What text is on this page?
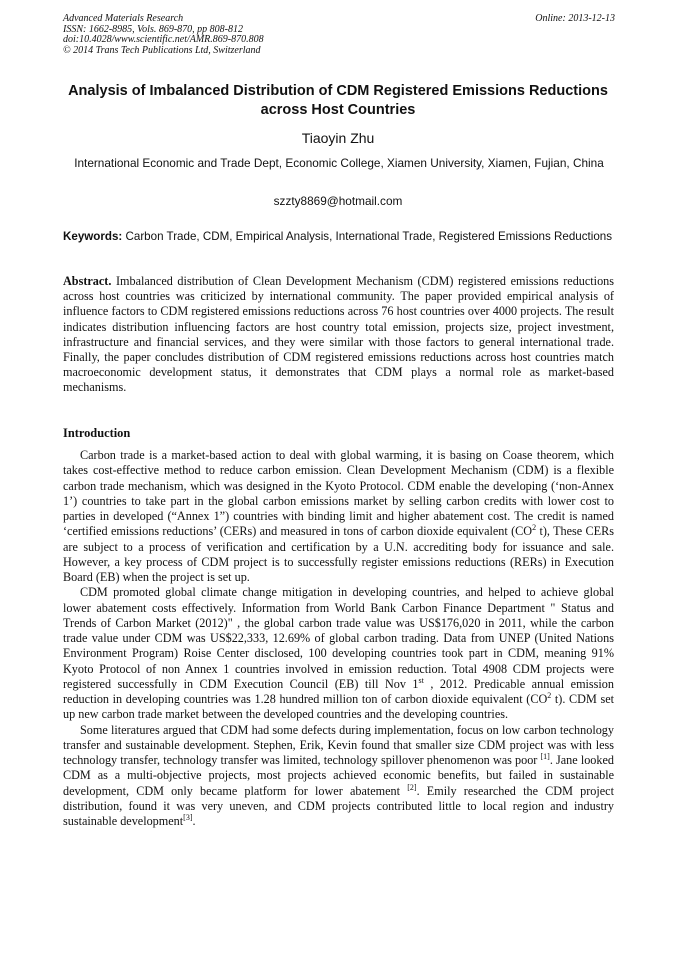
Advanced Materials Research
ISSN: 1662-8985, Vols. 869-870, pp 808-812
doi:10.4028/www.scientific.net/AMR.869-870.808
© 2014 Trans Tech Publications Ltd, Switzerland
Online: 2013-12-13
Analysis of Imbalanced Distribution of CDM Registered Emissions Reductions across Host Countries
Tiaoyin Zhu
International Economic and Trade Dept, Economic College, Xiamen University, Xiamen, Fujian, China
szzty8869@hotmail.com
Keywords: Carbon Trade, CDM, Empirical Analysis, International Trade, Registered Emissions Reductions
Abstract. Imbalanced distribution of Clean Development Mechanism (CDM) registered emissions reductions across host countries was criticized by international community. The paper provided empirical analysis of influence factors to CDM registered emissions reductions across 76 host countries over 4000 projects. The result indicates distribution influencing factors are host country total emission, projects size, project investment, infrastructure and financial services, and they were similar with those factors to general international trade. Finally, the paper concludes distribution of CDM registered emissions reductions across host countries match macroeconomic development status, it demonstrates that CDM plays a normal role as market-based mechanisms.
Introduction

Carbon trade is a market-based action to deal with global warming, it is basing on Coase theorem, which takes cost-effective method to reduce carbon emission. Clean Development Mechanism (CDM) is a flexible carbon trade mechanism, which was designed in the Kyoto Protocol. CDM enable the developing (‘non-Annex 1’) countries to take part in the global carbon emissions market by selling carbon credits with lower cost to parties in developed (“Annex 1”) countries with binding limit and higher abatement cost. The credit is named ‘certified emissions reductions’ (CERs) and measured in tons of carbon dioxide equivalent ($CO^2$ t), These CERs are subject to a process of verification and certification by a U.N. accrediting body for issuance and sale. However, a key process of CDM project is to successfully register emissions reductions (RERs) in Execution Board (EB) when the project is set up.

CDM promoted global climate change mitigation in developing countries, and helped to achieve global lower abatement costs effectively. Information from World Bank Carbon Finance Department " Status and Trends of Carbon Market (2012)" , the global carbon trade value was US$176,020 in 2011, while the carbon trade value under CDM was US$22,333, 12.69% of global carbon trading. Data from UNEP (United Nations Environment Program) Roise Center disclosed, 100 developing countries took part in CDM, meaning 91% Kyoto Protocol of non Annex 1 countries involved in emission reduction. Total 4908 CDM projects were registered successfully in CDM Execution Council (EB) till Nov 1st , 2012. Predicable annual emission reduction in developing countries was 1.28 hundred million ton of carbon dioxide equivalent ($CO^2$ t). CDM set up new carbon trade market between the developed countries and the developing countries.

Some literatures argued that CDM had some defects during implementation, focus on low carbon technology transfer and sustainable development. Stephen, Erik, Kevin found that smaller size CDM project was with less technology transfer, technology transfer was limited, technology spillover phenomenon was poor [1]. Jane looked CDM as a multi-objective projects, most projects achieved economic benefits, but failed in sustainable development, CDM only became platform for lower abatement [2]. Emily researched the CDM project distribution, found it was very uneven, and CDM projects contributed little to local region and industry sustainable development[3].
